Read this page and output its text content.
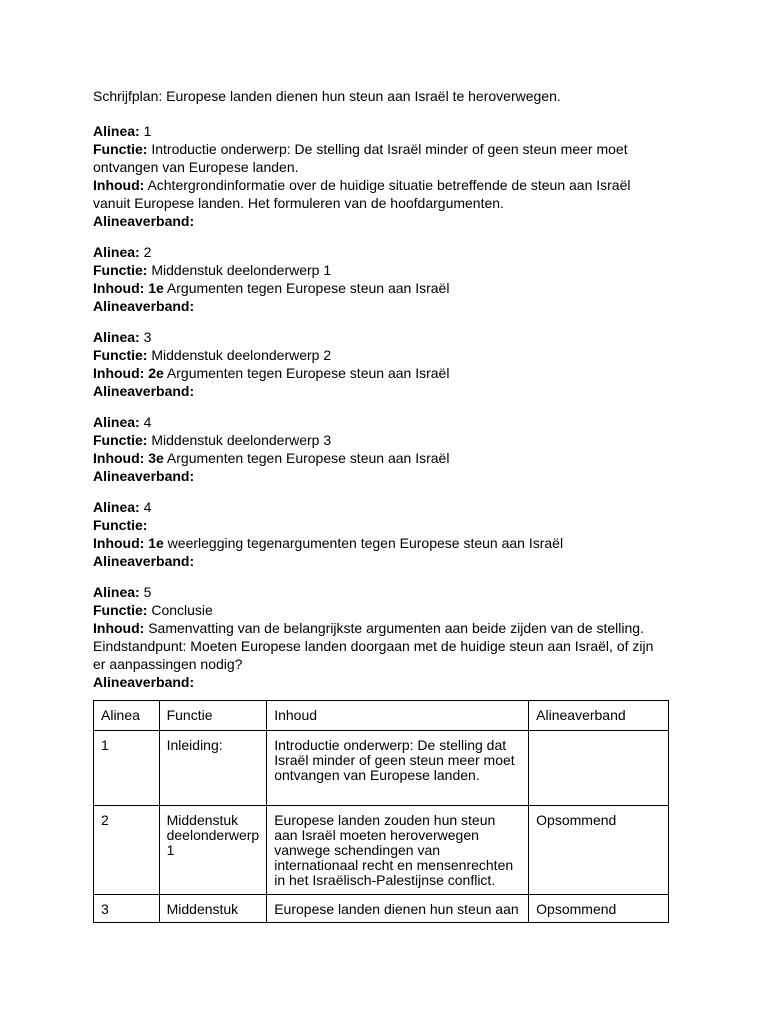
Schrijfplan: Europese landen dienen hun steun aan Israël te heroverwegen.
Alinea: 1
Functie: Introductie onderwerp: De stelling dat Israël minder of geen steun meer moet
ontvangen van Europese landen.
Inhoud: Achtergrondinformatie over de huidige situatie betreffende de steun aan Israël
vanuit Europese landen. Het formuleren van de hoofdargumenten.
Alineaverband:
Alinea: 2
Functie: Middenstuk deelonderwerp 1
Inhoud: 1e Argumenten tegen Europese steun aan Israël
Alineaverband:
Alinea: 3
Functie: Middenstuk deelonderwerp 2
Inhoud: 2e Argumenten tegen Europese steun aan Israël
Alineaverband:
Alinea: 4
Functie: Middenstuk deelonderwerp 3
Inhoud: 3e Argumenten tegen Europese steun aan Israël
Alineaverband:
Alinea: 4
Functie:
Inhoud: 1e weerlegging tegenargumenten tegen Europese steun aan Israël
Alineaverband:
Alinea: 5
Functie: Conclusie
Inhoud: Samenvatting van de belangrijkste argumenten aan beide zijden van de stelling.
Eindstandpunt: Moeten Europese landen doorgaan met de huidige steun aan Israël, of zijn
er aanpassingen nodig?
Alineaverband:
Alinea	Functie	Inhoud	Alineaverband
1	Inleiding:	Introductie onderwerp: De stelling dat Israël minder of geen steun meer moet ontvangen van Europese landen.	
2	Middenstuk deelonderwerp 1	Europese landen zouden hun steun aan Israël moeten heroverwegen vanwege schendingen van internationaal recht en mensenrechten in het Israëlisch-Palestijnse conflict.	Opsommend
3	Middenstuk	Europese landen dienen hun steun aan	Opsommend
